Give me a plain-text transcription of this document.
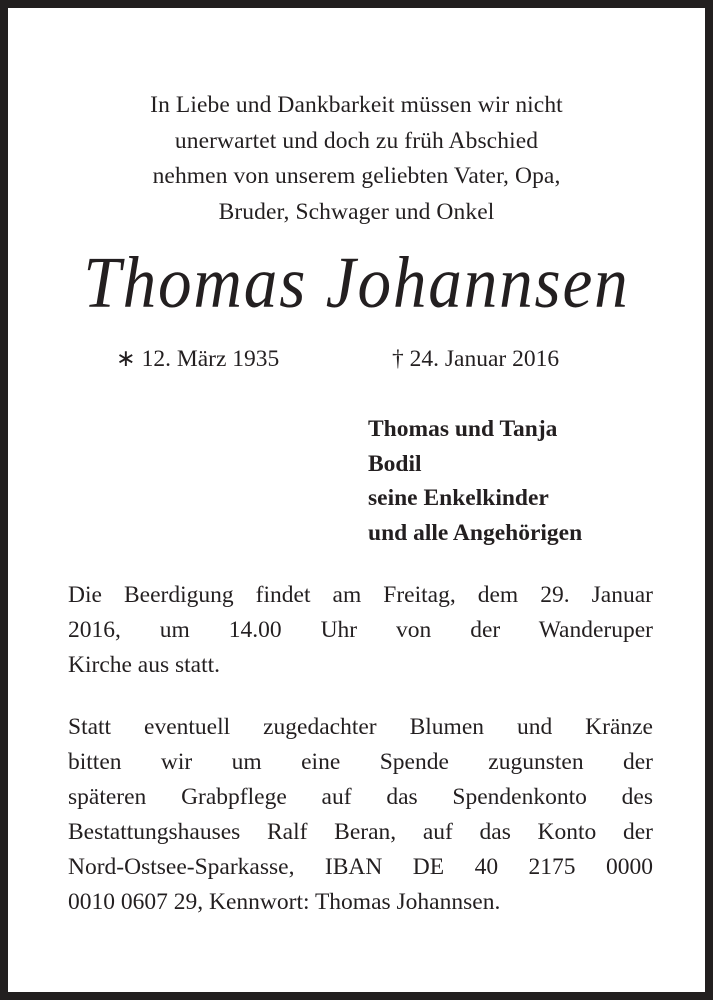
In Liebe und Dankbarkeit müssen wir nicht
unerwartet und doch zu früh Abschied
nehmen von unserem geliebten Vater, Opa,
Bruder, Schwager und Onkel
Thomas Johannsen
∗ 12. März 1935	† 24. Januar 2016
Thomas und Tanja
Bodil
seine Enkelkinder
und alle Angehörigen
Die Beerdigung findet am Freitag, dem 29. Januar
2016, um 14.00 Uhr von der Wanderuper
Kirche aus statt.
Statt eventuell zugedachter Blumen und Kränze
bitten wir um eine Spende zugunsten der
späteren Grabpflege auf das Spendenkonto des
Bestattungshauses Ralf Beran, auf das Konto der
Nord-Ostsee-Sparkasse, IBAN DE 40 2175 0000
0010 0607 29, Kennwort: Thomas Johannsen.
